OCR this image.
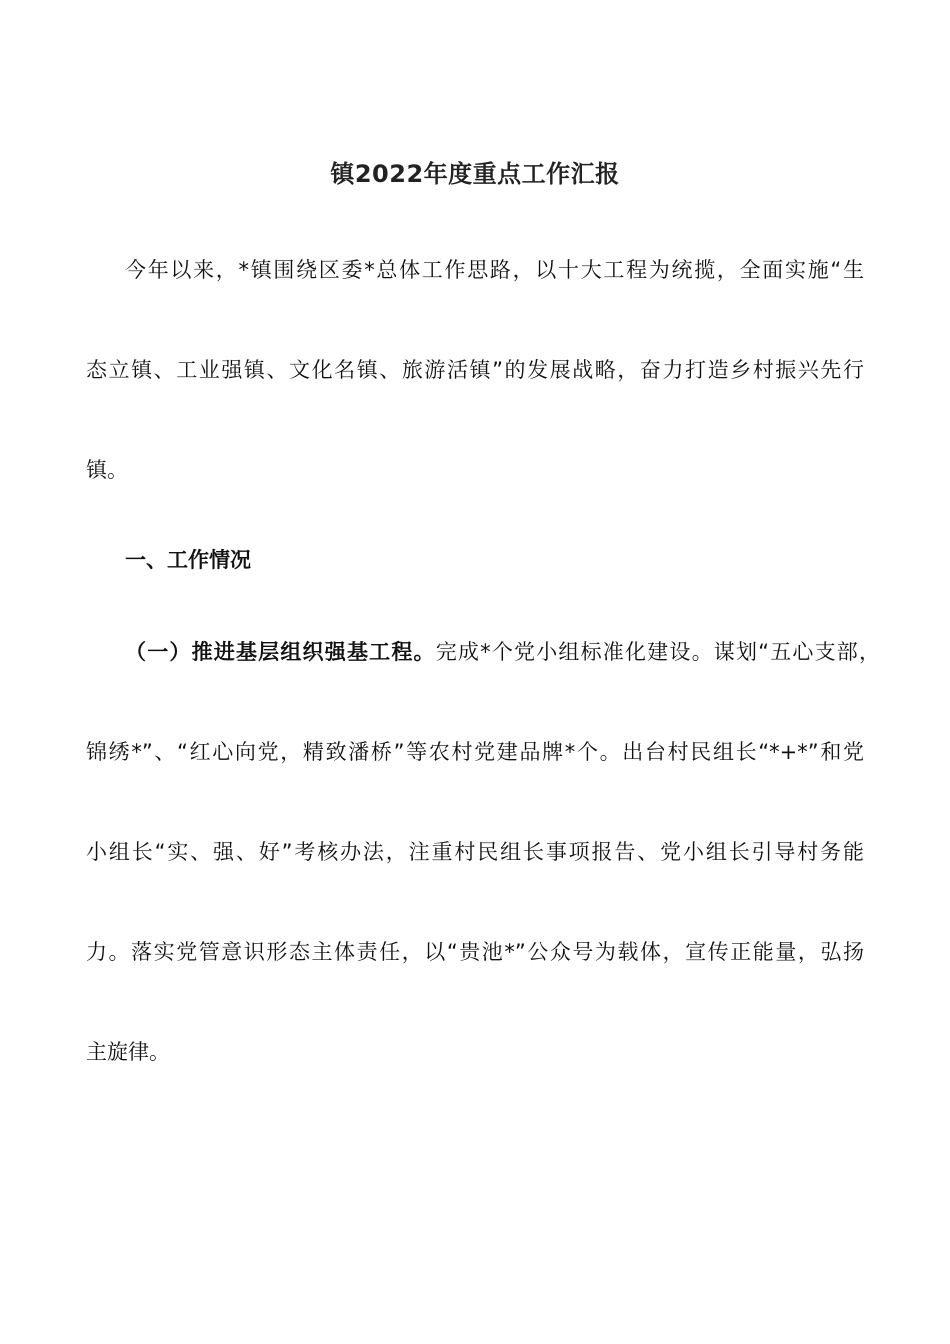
镇2022年度重点工作汇报
今年以来，*镇围绕区委*总体工作思路，以十大工程为统揽，全面实施“生
态立镇、工业强镇、文化名镇、旅游活镇”的发展战略，奋力打造乡村振兴先行
镇。
一、工作情况
（一）推进基层组织强基工程。完成*个党小组标准化建设。谋划“五心支部，
锦绣*”、“红心向党，精致潘桥”等农村党建品牌*个。出台村民组长“*+*”和党
小组长“实、强、好”考核办法，注重村民组长事项报告、党小组长引导村务能
力。落实党管意识形态主体责任，以“贵池*”公众号为载体，宣传正能量，弘扬
主旋律。
